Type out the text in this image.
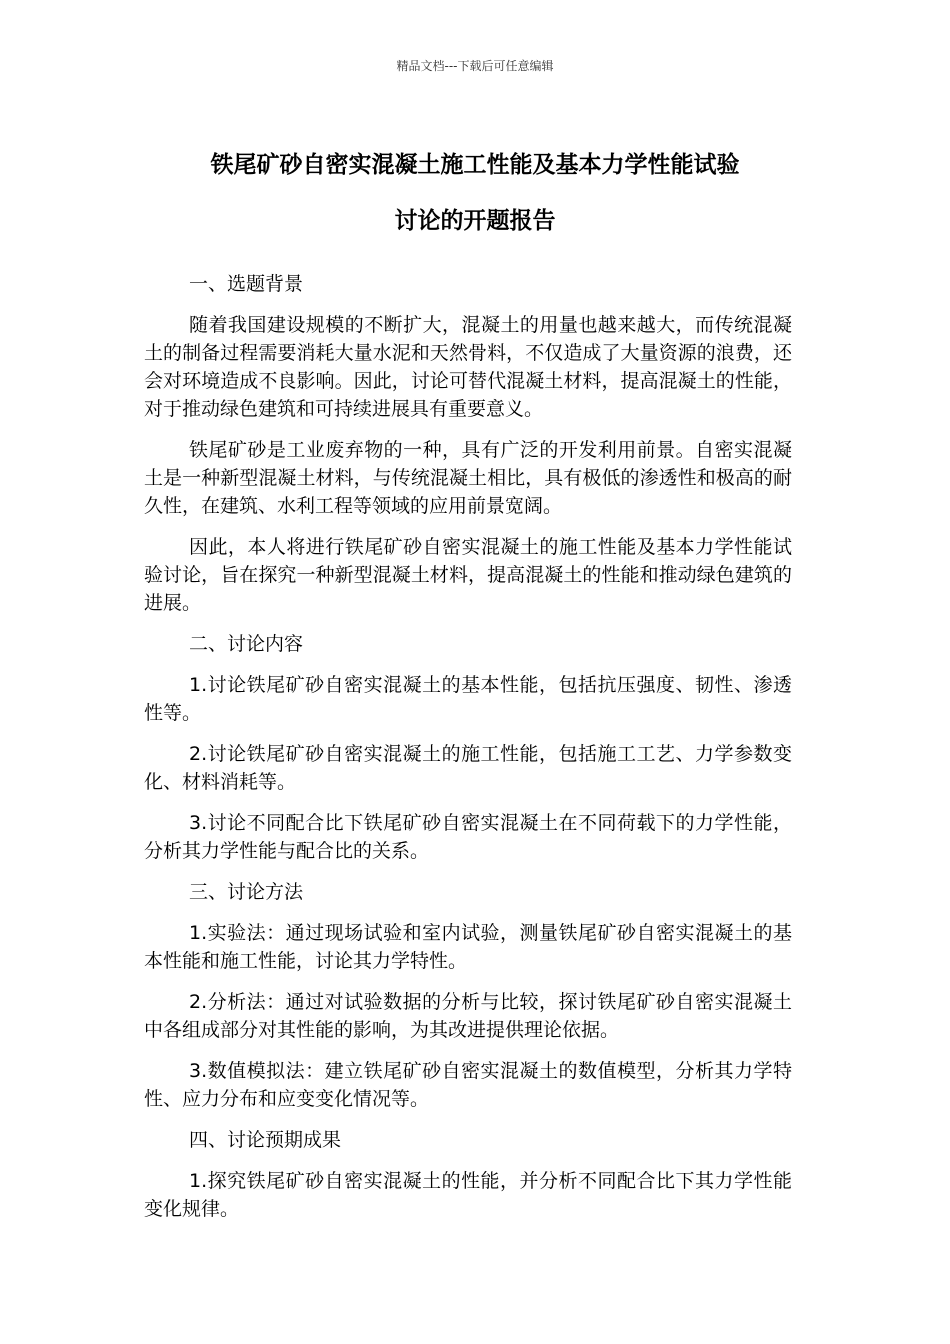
精品文档---下载后可任意编辑
铁尾矿砂自密实混凝土施工性能及基本力学性能试验
讨论的开题报告

一、选题背景

随着我国建设规模的不断扩大，混凝土的用量也越来越大，而传统混凝土的制备过程需要消耗大量水泥和天然骨料，不仅造成了大量资源的浪费，还会对环境造成不良影响。因此，讨论可替代混凝土材料，提高混凝土的性能，对于推动绿色建筑和可持续进展具有重要意义。

铁尾矿砂是工业废弃物的一种，具有广泛的开发利用前景。自密实混凝土是一种新型混凝土材料，与传统混凝土相比，具有极低的渗透性和极高的耐久性，在建筑、水利工程等领域的应用前景宽阔。

因此，本人将进行铁尾矿砂自密实混凝土的施工性能及基本力学性能试验讨论，旨在探究一种新型混凝土材料，提高混凝土的性能和推动绿色建筑的进展。

二、讨论内容

1.讨论铁尾矿砂自密实混凝土的基本性能，包括抗压强度、韧性、渗透性等。

2.讨论铁尾矿砂自密实混凝土的施工性能，包括施工工艺、力学参数变化、材料消耗等。

3.讨论不同配合比下铁尾矿砂自密实混凝土在不同荷载下的力学性能，分析其力学性能与配合比的关系。

三、讨论方法

1.实验法：通过现场试验和室内试验，测量铁尾矿砂自密实混凝土的基本性能和施工性能，讨论其力学特性。

2.分析法：通过对试验数据的分析与比较，探讨铁尾矿砂自密实混凝土中各组成部分对其性能的影响，为其改进提供理论依据。

3.数值模拟法：建立铁尾矿砂自密实混凝土的数值模型，分析其力学特性、应力分布和应变变化情况等。

四、讨论预期成果

1.探究铁尾矿砂自密实混凝土的性能，并分析不同配合比下其力学性能变化规律。
